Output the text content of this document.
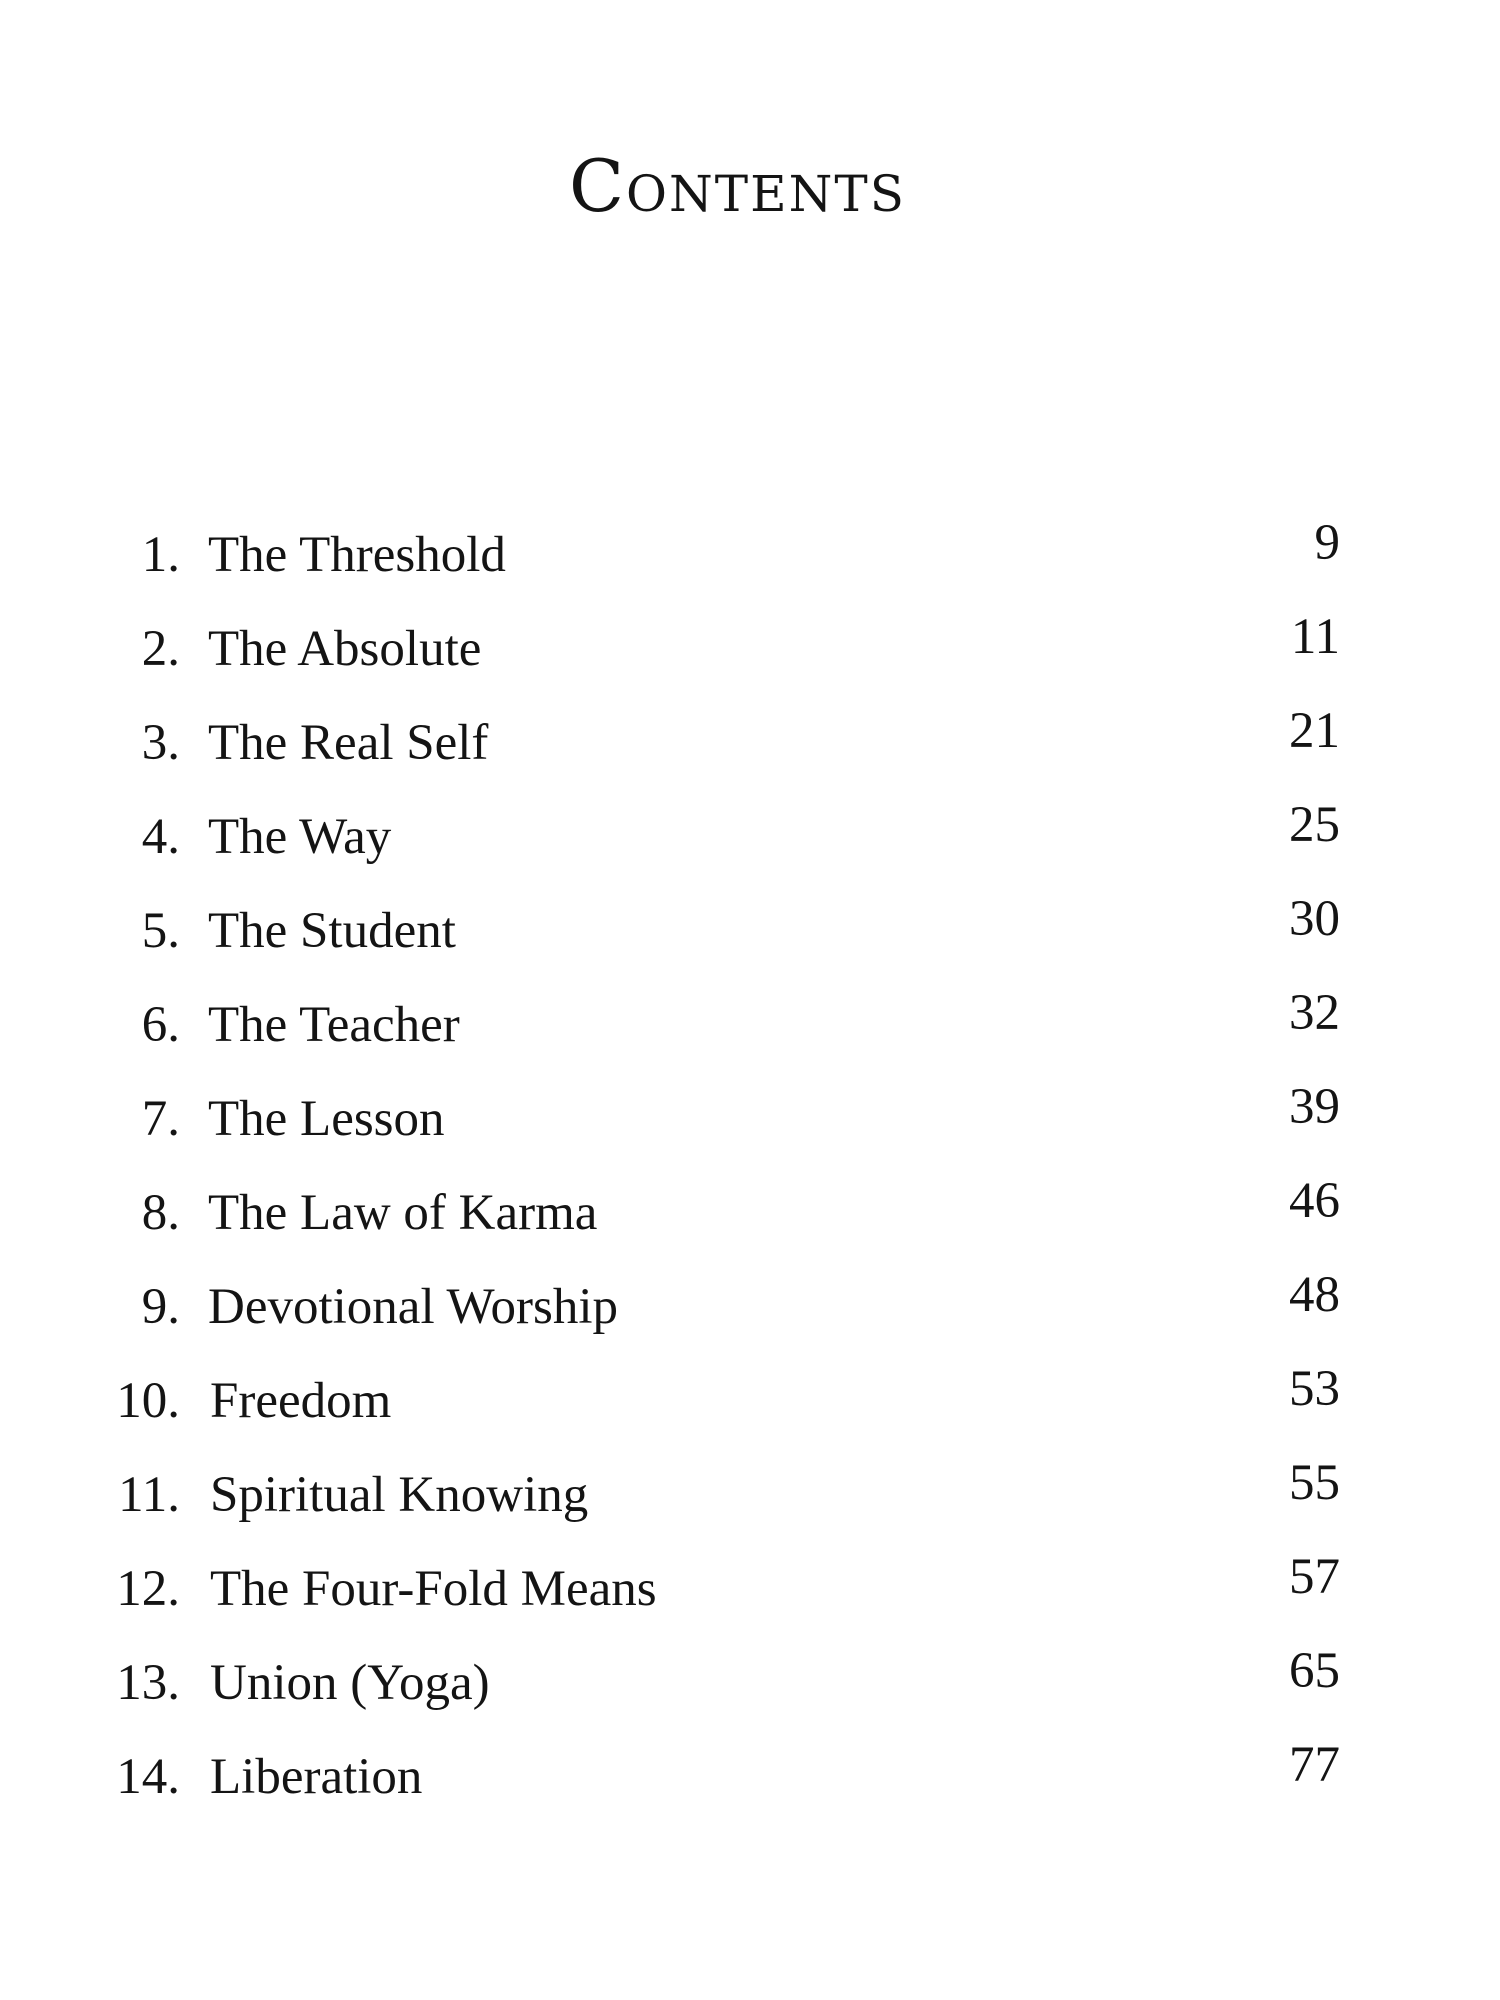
Contents
1. The Threshold	9
2. The Absolute	11
3. The Real Self	21
4. The Way	25
5. The Student	30
6. The Teacher	32
7. The Lesson	39
8. The Law of Karma	46
9. Devotional Worship	48
10. Freedom	53
11. Spiritual Knowing	55
12. The Four-Fold Means	57
13. Union (Yoga)	65
14. Liberation	77
